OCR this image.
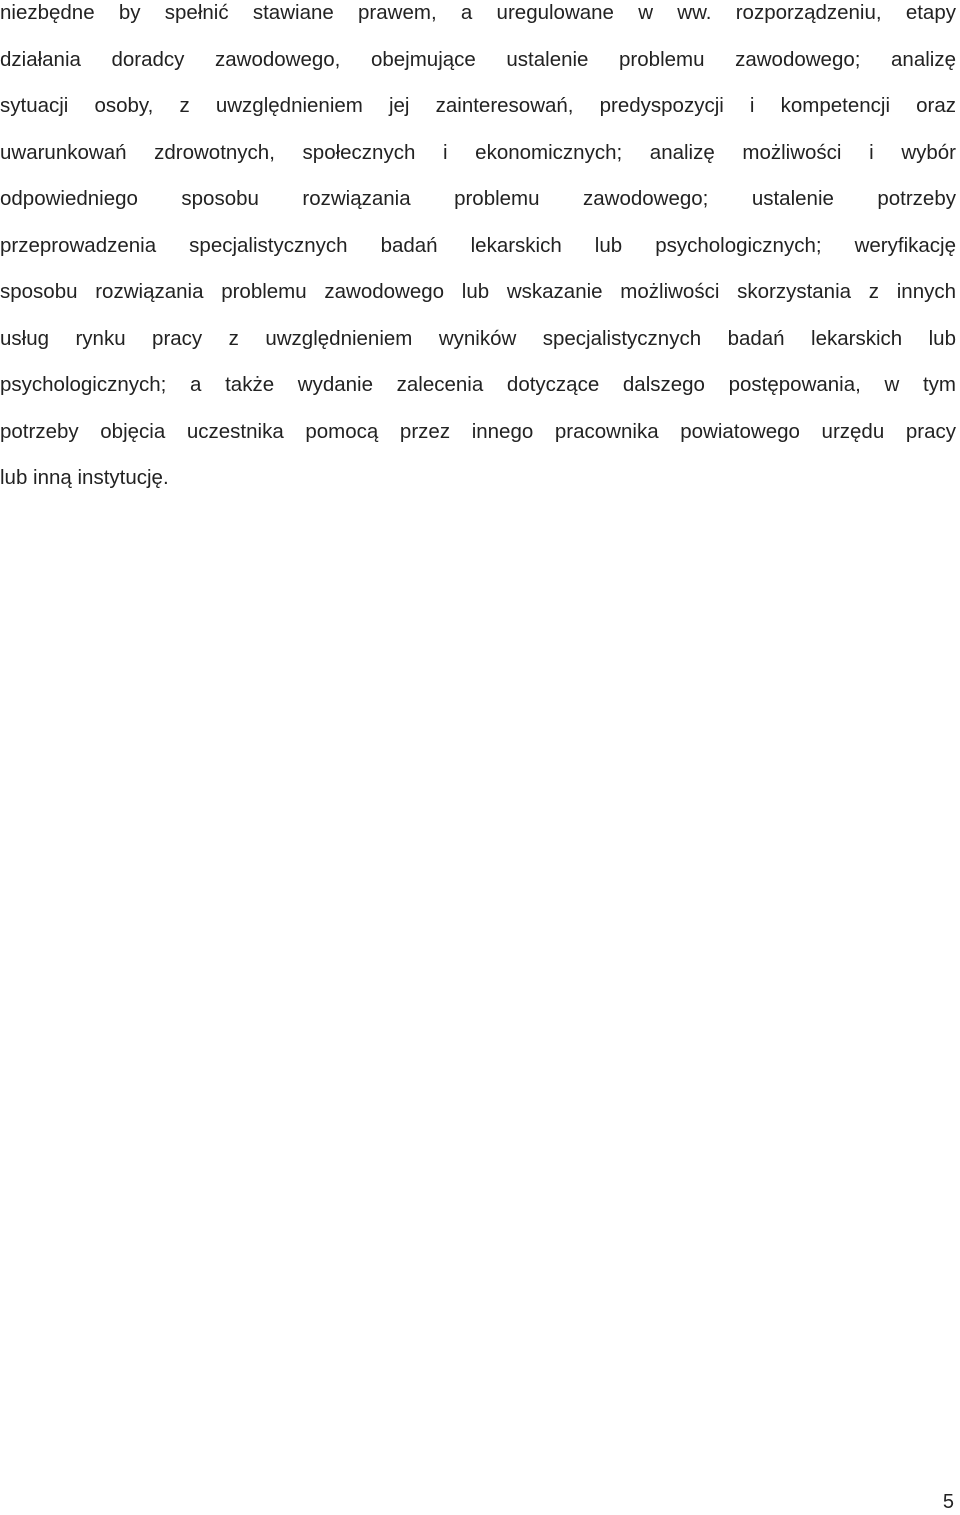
niezbędne by spełnić stawiane prawem, a uregulowane w ww. rozporządzeniu, etapy
działania doradcy zawodowego, obejmujące ustalenie problemu zawodowego; analizę
sytuacji osoby, z uwzględnieniem jej zainteresowań, predyspozycji i kompetencji oraz
uwarunkowań zdrowotnych, społecznych i ekonomicznych; analizę możliwości i wybór
odpowiedniego sposobu rozwiązania problemu zawodowego; ustalenie potrzeby
przeprowadzenia specjalistycznych badań lekarskich lub psychologicznych; weryfikację
sposobu rozwiązania problemu zawodowego lub wskazanie możliwości skorzystania z innych
usług rynku pracy z uwzględnieniem wyników specjalistycznych badań lekarskich lub
psychologicznych; a także wydanie zalecenia dotyczące dalszego postępowania, w tym
potrzeby objęcia uczestnika pomocą przez innego pracownika powiatowego urzędu pracy
lub inną instytucję.

5
